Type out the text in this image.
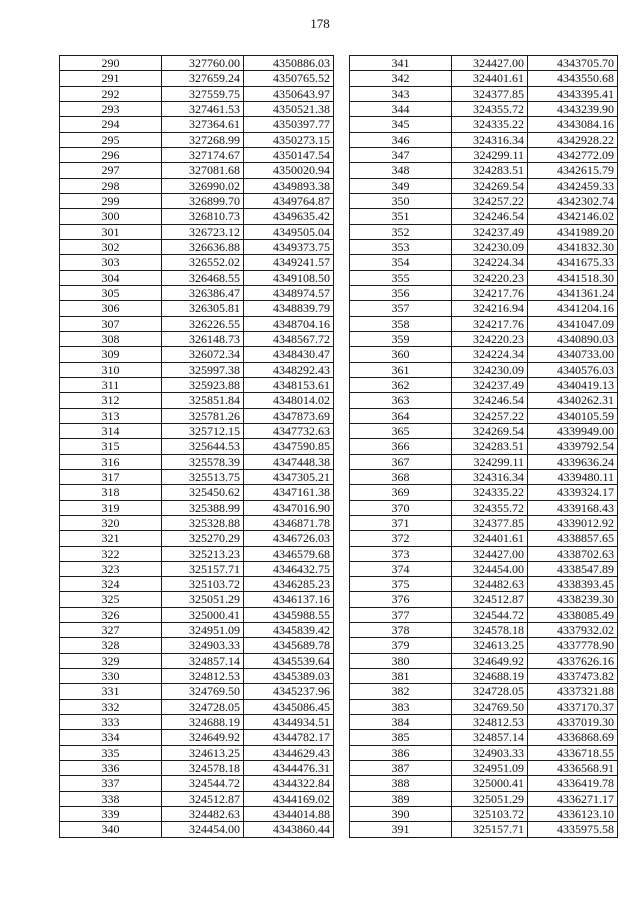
178
290	327760.00	4350886.03
291	327659.24	4350765.52
292	327559.75	4350643.97
293	327461.53	4350521.38
294	327364.61	4350397.77
295	327268.99	4350273.15
296	327174.67	4350147.54
297	327081.68	4350020.94
298	326990.02	4349893.38
299	326899.70	4349764.87
300	326810.73	4349635.42
301	326723.12	4349505.04
302	326636.88	4349373.75
303	326552.02	4349241.57
304	326468.55	4349108.50
305	326386.47	4348974.57
306	326305.81	4348839.79
307	326226.55	4348704.16
308	326148.73	4348567.72
309	326072.34	4348430.47
310	325997.38	4348292.43
311	325923.88	4348153.61
312	325851.84	4348014.02
313	325781.26	4347873.69
314	325712.15	4347732.63
315	325644.53	4347590.85
316	325578.39	4347448.38
317	325513.75	4347305.21
318	325450.62	4347161.38
319	325388.99	4347016.90
320	325328.88	4346871.78
321	325270.29	4346726.03
322	325213.23	4346579.68
323	325157.71	4346432.75
324	325103.72	4346285.23
325	325051.29	4346137.16
326	325000.41	4345988.55
327	324951.09	4345839.42
328	324903.33	4345689.78
329	324857.14	4345539.64
330	324812.53	4345389.03
331	324769.50	4345237.96
332	324728.05	4345086.45
333	324688.19	4344934.51
334	324649.92	4344782.17
335	324613.25	4344629.43
336	324578.18	4344476.31
337	324544.72	4344322.84
338	324512.87	4344169.02
339	324482.63	4344014.88
340	324454.00	4343860.44
341	324427.00	4343705.70
342	324401.61	4343550.68
343	324377.85	4343395.41
344	324355.72	4343239.90
345	324335.22	4343084.16
346	324316.34	4342928.22
347	324299.11	4342772.09
348	324283.51	4342615.79
349	324269.54	4342459.33
350	324257.22	4342302.74
351	324246.54	4342146.02
352	324237.49	4341989.20
353	324230.09	4341832.30
354	324224.34	4341675.33
355	324220.23	4341518.30
356	324217.76	4341361.24
357	324216.94	4341204.16
358	324217.76	4341047.09
359	324220.23	4340890.03
360	324224.34	4340733.00
361	324230.09	4340576.03
362	324237.49	4340419.13
363	324246.54	4340262.31
364	324257.22	4340105.59
365	324269.54	4339949.00
366	324283.51	4339792.54
367	324299.11	4339636.24
368	324316.34	4339480.11
369	324335.22	4339324.17
370	324355.72	4339168.43
371	324377.85	4339012.92
372	324401.61	4338857.65
373	324427.00	4338702.63
374	324454.00	4338547.89
375	324482.63	4338393.45
376	324512.87	4338239.30
377	324544.72	4338085.49
378	324578.18	4337932.02
379	324613.25	4337778.90
380	324649.92	4337626.16
381	324688.19	4337473.82
382	324728.05	4337321.88
383	324769.50	4337170.37
384	324812.53	4337019.30
385	324857.14	4336868.69
386	324903.33	4336718.55
387	324951.09	4336568.91
388	325000.41	4336419.78
389	325051.29	4336271.17
390	325103.72	4336123.10
391	325157.71	4335975.58
